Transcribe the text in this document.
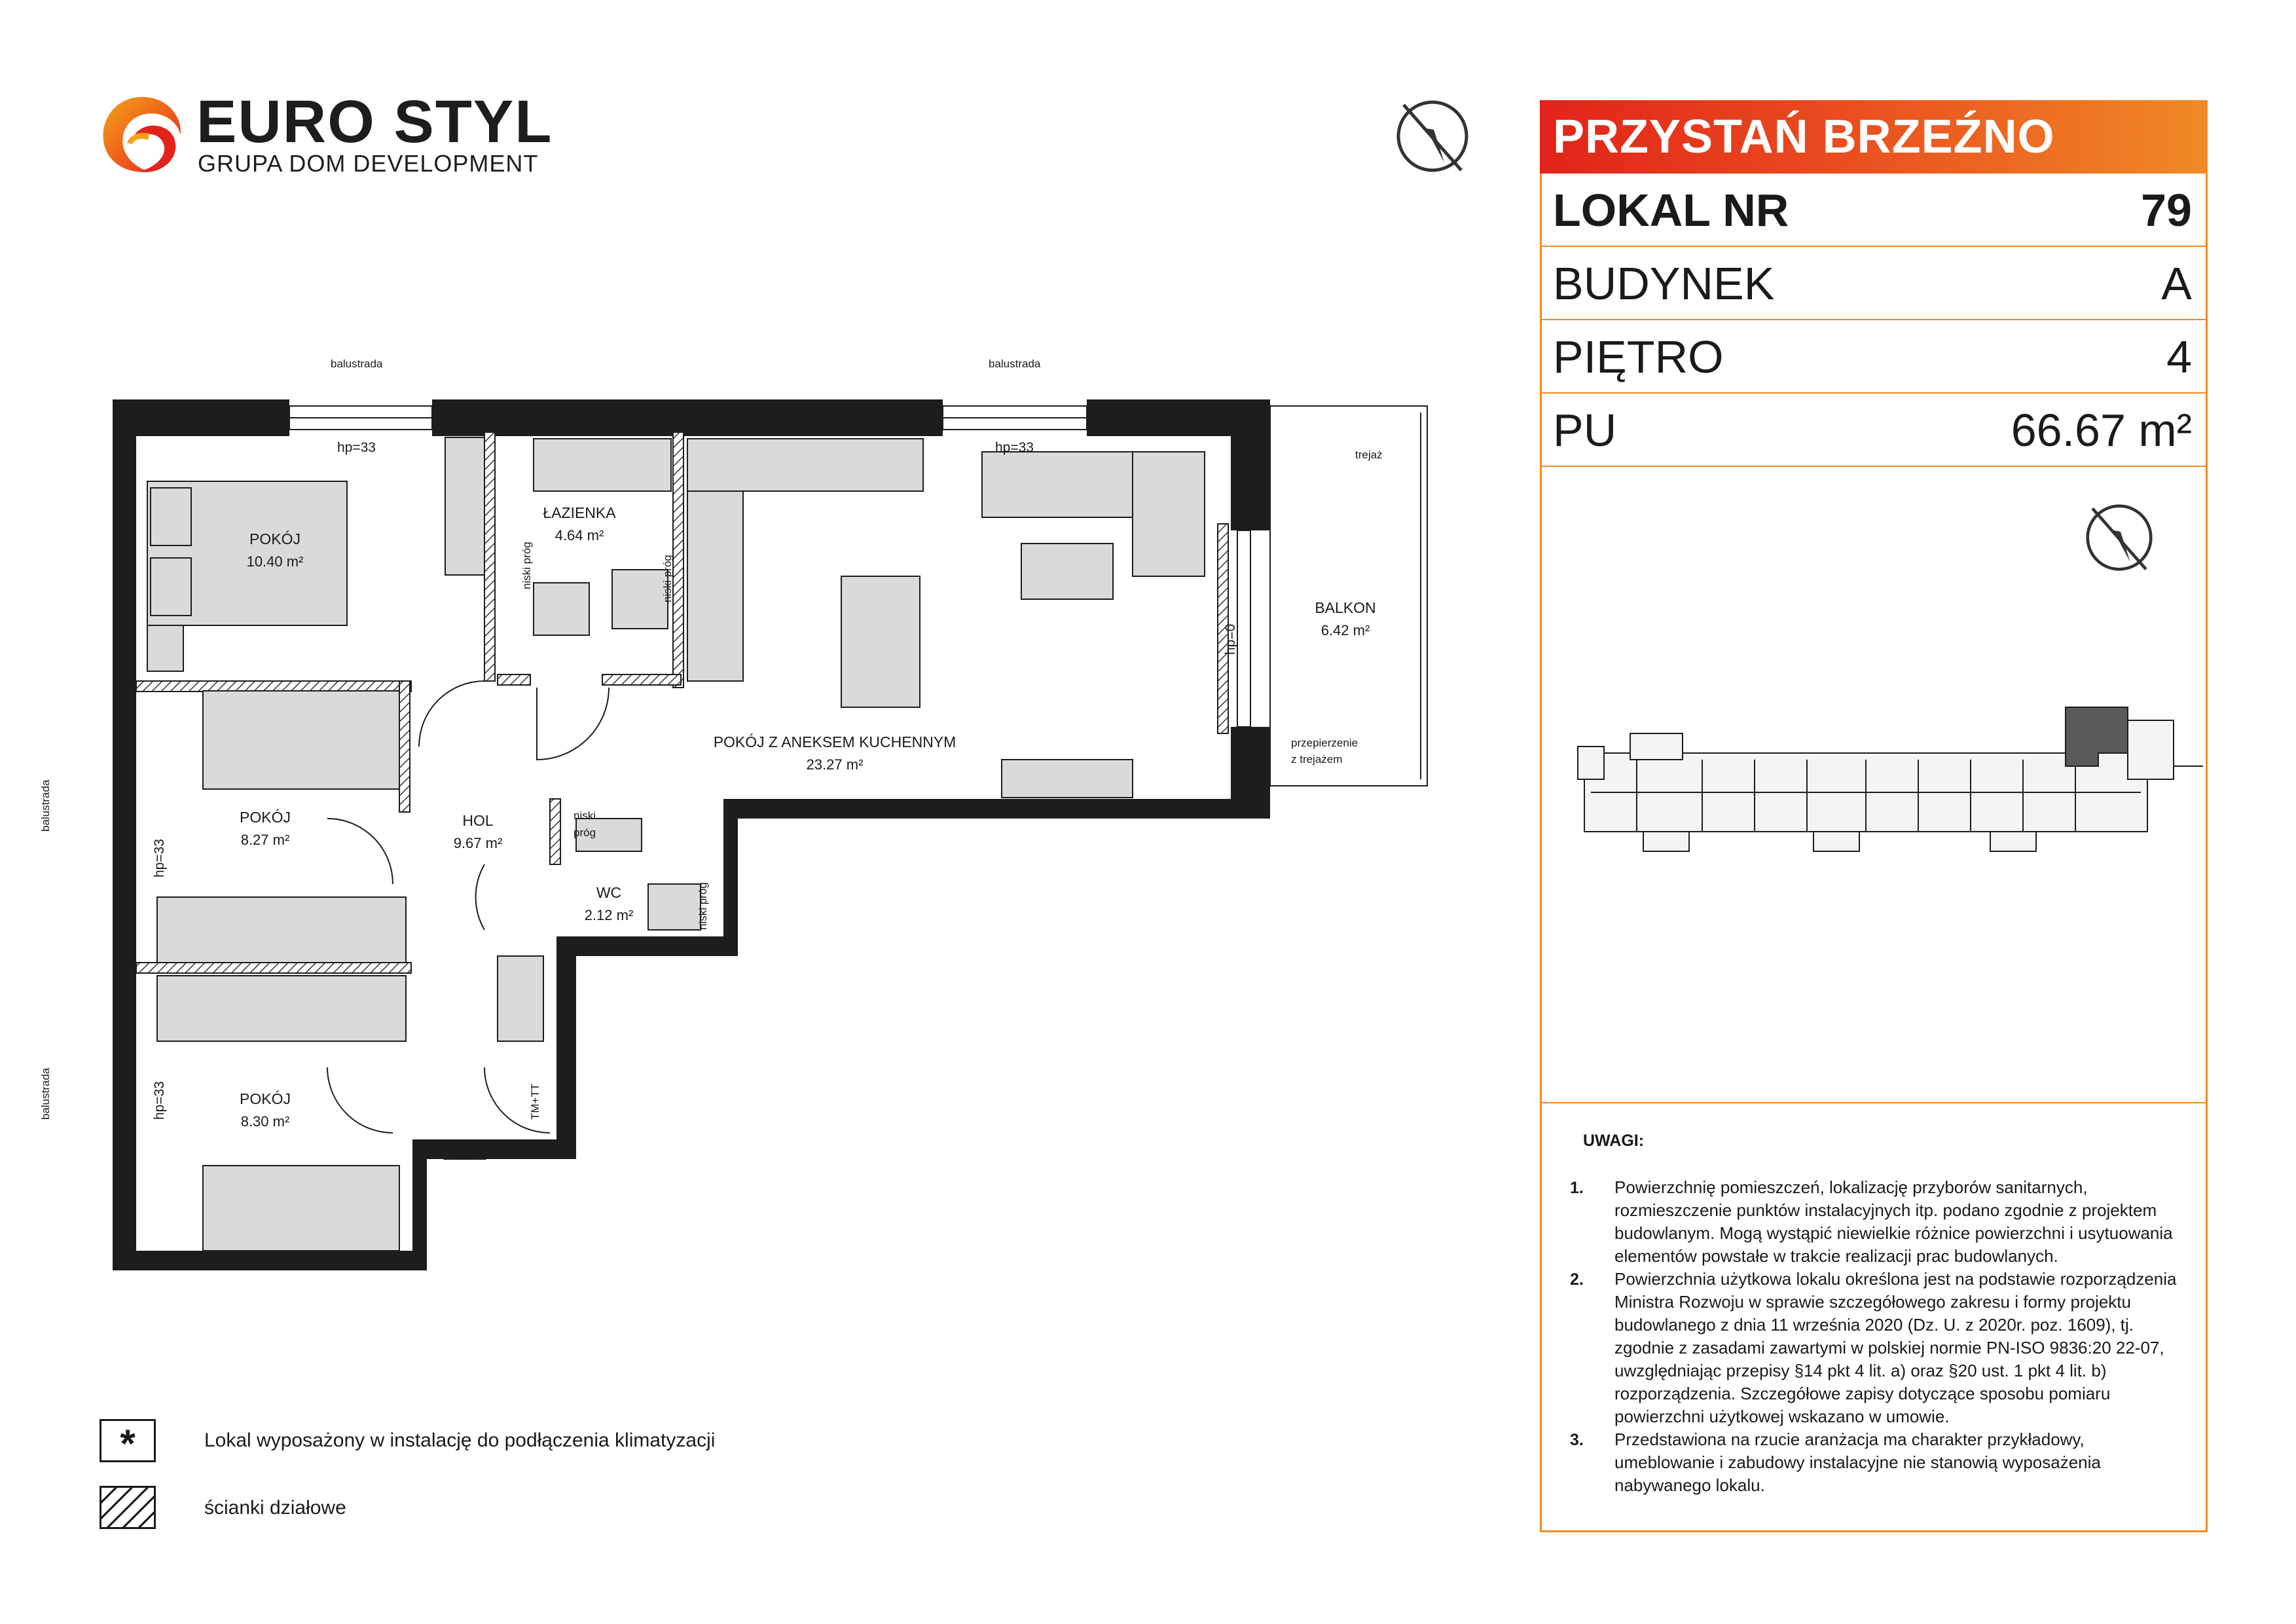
EURO STYL
GRUPA DOM DEVELOPMENT
POKÓJ
10.40 m²
ŁAZIENKA
4.64 m²
POKÓJ Z ANEKSEM KUCHENNYM
23.27 m²
BALKON
6.42 m²
POKÓJ
8.27 m²
HOL
9.67 m²
WC
2.12 m²
POKÓJ
8.30 m²
balustrada	balustrada
balustrada
balustrada
hp=33	hp=33
hp=33
hp=33
hp=0
niski próg	niski próg
niski próg
niski
próg
trejaż
przepierzenie
z trejażem
TM+TT
PRZYSTAŃ BRZEŹNO
LOKAL NR	79
BUDYNEK	A
PIĘTRO	4
PU	66.67 m²
UWAGI:
1. Powierzchnię pomieszczeń, lokalizację przyborów sanitarnych,
rozmieszczenie punktów instalacyjnych itp. podano zgodnie z projektem
budowlanym. Mogą wystąpić niewielkie różnice powierzchni i usytuowania
elementów powstałe w trakcie realizacji prac budowlanych.
2. Powierzchnia użytkowa lokalu określona jest na podstawie rozporządzenia
Ministra Rozwoju w sprawie szczegółowego zakresu i formy projektu
budowlanego z dnia 11 września 2020 (Dz. U. z 2020r. poz. 1609), tj.
zgodnie z zasadami zawartymi w polskiej normie PN-ISO 9836:20 22-07,
uwzględniając przepisy §14 pkt 4 lit. a) oraz §20 ust. 1 pkt 4 lit. b)
rozporządzenia. Szczegółowe zapisy dotyczące sposobu pomiaru
powierzchni użytkowej wskazano w umowie.
3. Przedstawiona na rzucie aranżacja ma charakter przykładowy,
umeblowanie i zabudowy instalacyjne nie stanowią wyposażenia
nabywanego lokalu.
*	Lokal wyposażony w instalację do podłączenia klimatyzacji
ścianki działowe
